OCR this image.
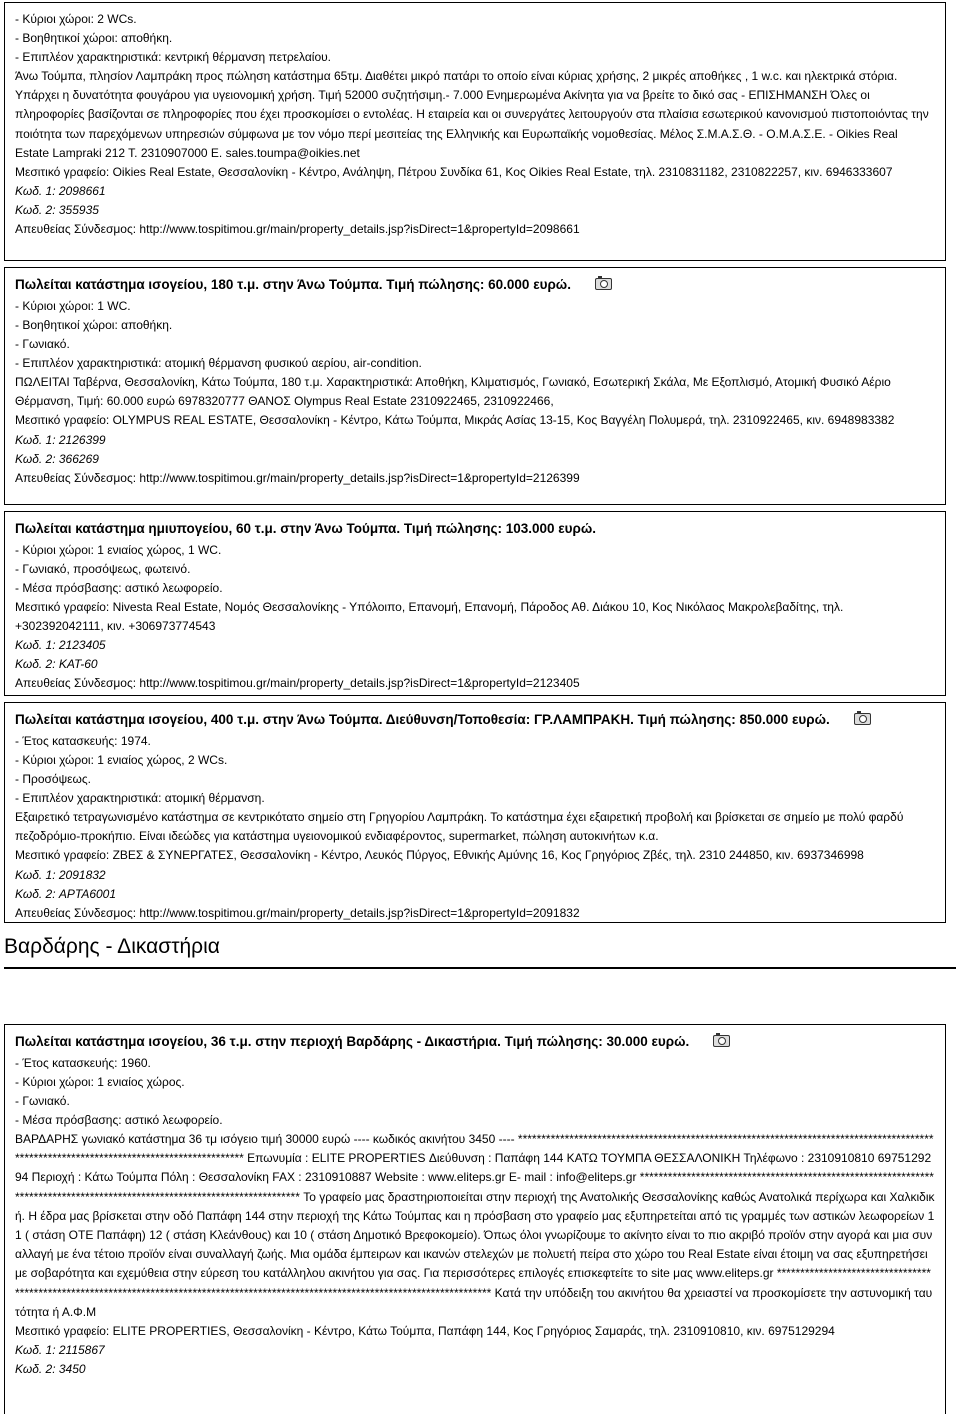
- Κύριοι χώροι: 2 WCs.
- Βοηθητικοί χώροι: αποθήκη.
- Επιπλέον χαρακτηριστικά: κεντρική θέρμανση πετρελαίου.
Άνω Τούμπα, πλησίον Λαμπράκη προς πώληση κατάστημα 65τμ. Διαθέτει μικρό πατάρι το οποίο είναι κύριας χρήσης, 2 μικρές αποθήκες , 1 w.c. και ηλεκτρικά στόρια. Υπάρχει η δυνατότητα φουγάρου για υγειονομική χρήση. Τιμή 52000 συζητήσιμη.- 7.000 Ενημερωμένα Ακίνητα για να βρείτε το δικό σας - ΕΠΙΣΗΜΑΝΣΗ Όλες οι πληροφορίες βασίζονται σε πληροφορίες που έχει προσκομίσει ο εντολέας. Η εταιρεία και οι συνεργάτες λειτουργούν στα πλαίσια εσωτερικού κανονισμού πιστοποιόντας την ποιότητα των παρεχόμενων υπηρεσιών σύμφωνα με τον νόμο περί μεσιτείας της Ελληνικής και Ευρωπαϊκής νομοθεσίας. Μέλος Σ.Μ.Α.Σ.Θ. - Ο.Μ.Α.Σ.Ε. - Oikies Real Estate Lampraki 212 T. 2310907000 E. sales.toumpa@oikies.net
Μεσιτικό γραφείο: Oikies Real Estate, Θεσσαλονίκη - Κέντρο, Ανάληψη, Πέτρου Συνδίκα 61, Κος Oikies Real Estate, τηλ. 2310831182, 2310822257, κιν. 6946333607
Κωδ. 1: 2098661
Κωδ. 2: 355935
Απευθείας Σύνδεσμος: http://www.tospitimou.gr/main/property_details.jsp?isDirect=1&propertyId=2098661
Πωλείται κατάστημα ισογείου, 180 τ.μ. στην Άνω Τούμπα. Τιμή πώλησης: 60.000 ευρώ.
- Κύριοι χώροι: 1 WC.
- Βοηθητικοί χώροι: αποθήκη.
- Γωνιακό.
- Επιπλέον χαρακτηριστικά: ατομική θέρμανση φυσικού αερίου, air-condition.
ΠΩΛΕΙΤΑΙ Ταβέρνα, Θεσσαλονίκη, Κάτω Τούμπα, 180 τ.μ. Χαρακτηριστικά: Αποθήκη, Κλιματισμός, Γωνιακό, Εσωτερική Σκάλα, Με Εξοπλισμό, Ατομική Φυσικό Αέριο Θέρμανση, Τιμή: 60.000 ευρώ 6978320777 ΘΑΝΟΣ Olympus Real Estate 2310922465, 2310922466,
Μεσιτικό γραφείο: OLYMPUS REAL ESTATE, Θεσσαλονίκη - Κέντρο, Κάτω Τούμπα, Μικράς Ασίας 13-15, Κος Βαγγέλη Πολυμερά, τηλ. 2310922465, κιν. 6948983382
Κωδ. 1: 2126399
Κωδ. 2: 366269
Απευθείας Σύνδεσμος: http://www.tospitimou.gr/main/property_details.jsp?isDirect=1&propertyId=2126399
Πωλείται κατάστημα ημιυπογείου, 60 τ.μ. στην Άνω Τούμπα. Τιμή πώλησης: 103.000 ευρώ.
- Κύριοι χώροι: 1 ενιαίος χώρος, 1 WC.
- Γωνιακό, προσόψεως, φωτεινό.
- Μέσα πρόσβασης: αστικό λεωφορείο.
Μεσιτικό γραφείο: Nivesta Real Estate, Νομός Θεσσαλονίκης - Υπόλοιπο, Επανομή, Επανομή, Πάροδος Αθ. Διάκου 10, Κος Νικόλαος Μακρολεβαδίτης, τηλ. +302392042111, κιν. +306973774543
Κωδ. 1: 2123405
Κωδ. 2: KAT-60
Απευθείας Σύνδεσμος: http://www.tospitimou.gr/main/property_details.jsp?isDirect=1&propertyId=2123405
Πωλείται κατάστημα ισογείου, 400 τ.μ. στην Άνω Τούμπα. Διεύθυνση/Τοποθεσία: ΓΡ.ΛΑΜΠΡΑΚΗ. Τιμή πώλησης: 850.000 ευρώ.
- Έτος κατασκευής: 1974.
- Κύριοι χώροι: 1 ενιαίος χώρος, 2 WCs.
- Προσόψεως.
- Επιπλέον χαρακτηριστικά: ατομική θέρμανση.
Εξαιρετικό τετραγωνισμένο κατάστημα σε κεντρικότατο σημείο στη Γρηγορίου Λαμπράκη. Το κατάστημα έχει εξαιρετική προβολή και βρίσκεται σε σημείο με πολύ φαρδύ πεζοδρόμιο-προκήπιο. Είναι ιδεώδες για κατάστημα υγειονομικού ενδιαφέροντος, supermarket, πώληση αυτοκινήτων κ.α.
Μεσιτικό γραφείο: ΖΒΕΣ & ΣΥΝΕΡΓΑΤΕΣ, Θεσσαλονίκη - Κέντρο, Λευκός Πύργος, Εθνικής Αμύνης 16, Κος Γρηγόριος Ζβές, τηλ. 2310 244850, κιν. 6937346998
Κωδ. 1: 2091832
Κωδ. 2: APTA6001
Απευθείας Σύνδεσμος: http://www.tospitimou.gr/main/property_details.jsp?isDirect=1&propertyId=2091832
Βαρδάρης - Δικαστήρια
Πωλείται κατάστημα ισογείου, 36 τ.μ. στην περιοχή Βαρδάρης - Δικαστήρια. Τιμή πώλησης: 30.000 ευρώ.
- Έτος κατασκευής: 1960.
- Κύριοι χώροι: 1 ενιαίος χώρος.
- Γωνιακό.
- Μέσα πρόσβασης: αστικό λεωφορείο.
ΒΑΡΔΑΡΗΣ γωνιακό κατάστημα 36 τμ ισόγειο τιμή 30000 ευρώ ---- κωδικός ακινήτου 3450 ---- ****************************************************************************************************************************************** Επωνυμία : ELITE PROPERTIES Διεύθυνση : Παπάφη 144 ΚΑΤΩ ΤΟΥΜΠΑ ΘΕΣΣΑΛΟΝΙΚΗ Τηλέφωνο : 2310910810 6975129294 Περιοχή : Κάτω Τούμπα Πόλη : Θεσσαλονίκη FAX : 2310910887 Website : www.eliteps.gr E- mail : info@eliteps.gr **************************************************************************************************************************** Το γραφείο μας δραστηριοποιείται στην περιοχή της Ανατολικής Θεσσαλονίκης καθώς Ανατολικά περίχωρα και Χαλκιδική. Η έδρα μας βρίσκεται στην οδό Παπάφη 144 στην περιοχή της Κάτω Τούμπας και η πρόσβαση στο γραφείο μας εξυπηρετείται από τις γραμμές των αστικών λεωφορείων 11 ( στάση ΟΤΕ Παπάφη) 12 ( στάση Κλεάνθους) και 10 ( στάση Δημοτικό Βρεφοκομείο). Όπως όλοι γνωρίζουμε το ακίνητο είναι το πιο ακριβό προϊόν στην αγορά και μια συναλλαγή με ένα τέτοιο προϊόν είναι συναλλαγή ζωής. Μια ομάδα έμπειρων και ικανών στελεχών με πολυετή πείρα στο χώρο του Real Estate είναι έτοιμη να σας εξυπηρετήσει με σοβαρότητα και εχεμύθεια στην εύρεση του κατάλληλου ακινήτου για σας. Για περισσότερες επιλογές επισκεφτείτε το site μας www.eliteps.gr *************************************************************************************************************************************** Κατά την υπόδειξη του ακινήτου θα χρειαστεί να προσκομίσετε την αστυνομική ταυτότητα ή Α.Φ.Μ
Μεσιτικό γραφείο: ELITE PROPERTIES, Θεσσαλονίκη - Κέντρο, Κάτω Τούμπα, Παπάφη 144, Κος Γρηγόριος Σαμαράς, τηλ. 2310910810, κιν. 6975129294
Κωδ. 1: 2115867
Κωδ. 2: 3450
